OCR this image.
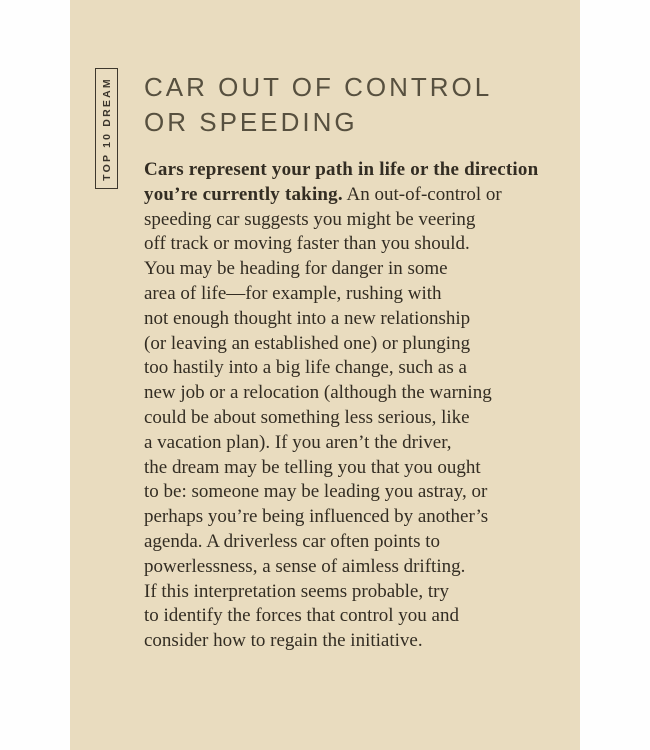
TOP 10 DREAM CAR OUT OF CONTROL
OR SPEEDING
Cars represent your path in life or the direction
you’re currently taking. An out-of-control or
speeding car suggests you might be veering
off track or moving faster than you should.
You may be heading for danger in some
area of life—for example, rushing with
not enough thought into a new relationship
(or leaving an established one) or plunging
too hastily into a big life change, such as a
new job or a relocation (although the warning
could be about something less serious, like
a vacation plan). If you aren’t the driver,
the dream may be telling you that you ought
to be: someone may be leading you astray, or
perhaps you’re being influenced by another’s
agenda. A driverless car often points to
powerlessness, a sense of aimless drifting.
If this interpretation seems probable, try
to identify the forces that control you and
consider how to regain the initiative.
